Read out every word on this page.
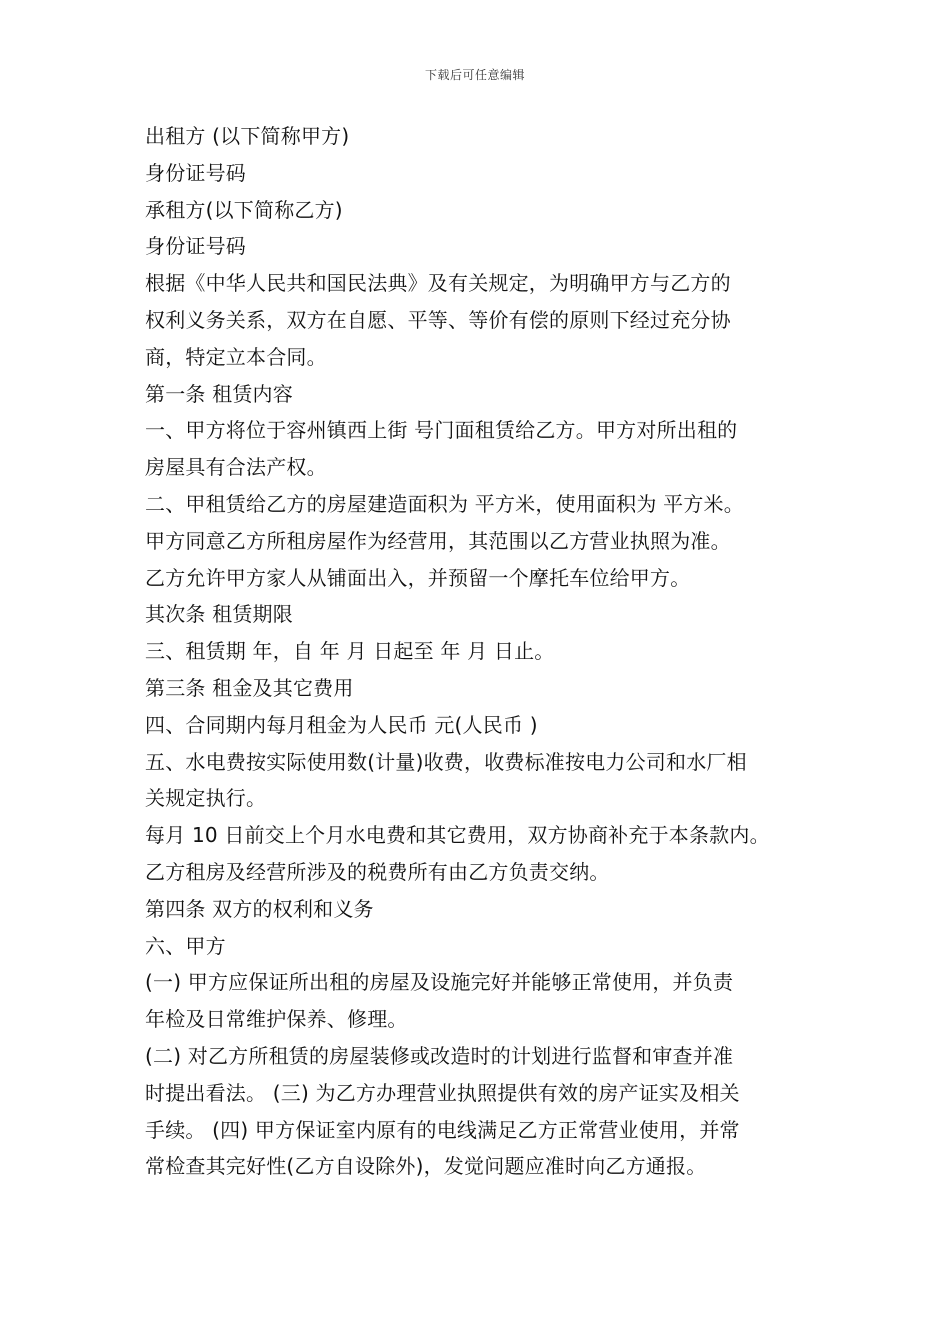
下载后可任意编辑
出租方 (以下简称甲方)
身份证号码
承租方(以下简称乙方)
身份证号码
根据《中华人民共和国民法典》及有关规定，为明确甲方与乙方的
权利义务关系，双方在自愿、平等、等价有偿的原则下经过充分协
商，特定立本合同。
第一条 租赁内容
一、甲方将位于容州镇西上街 号门面租赁给乙方。甲方对所出租的
房屋具有合法产权。
二、甲租赁给乙方的房屋建造面积为 平方米，使用面积为 平方米。
甲方同意乙方所租房屋作为经营用，其范围以乙方营业执照为准。
乙方允许甲方家人从铺面出入，并预留一个摩托车位给甲方。
其次条 租赁期限
三、租赁期 年，自 年 月 日起至 年 月 日止。
第三条 租金及其它费用
四、合同期内每月租金为人民币 元(人民币 )
五、水电费按实际使用数(计量)收费，收费标准按电力公司和水厂相
关规定执行。
每月 10 日前交上个月水电费和其它费用，双方协商补充于本条款内。
乙方租房及经营所涉及的税费所有由乙方负责交纳。
第四条 双方的权利和义务
六、甲方
(一) 甲方应保证所出租的房屋及设施完好并能够正常使用，并负责
年检及日常维护保养、修理。
(二) 对乙方所租赁的房屋装修或改造时的计划进行监督和审查并准
时提出看法。 (三) 为乙方办理营业执照提供有效的房产证实及相关
手续。 (四) 甲方保证室内原有的电线满足乙方正常营业使用，并常
常检查其完好性(乙方自设除外)，发觉问题应准时向乙方通报。
